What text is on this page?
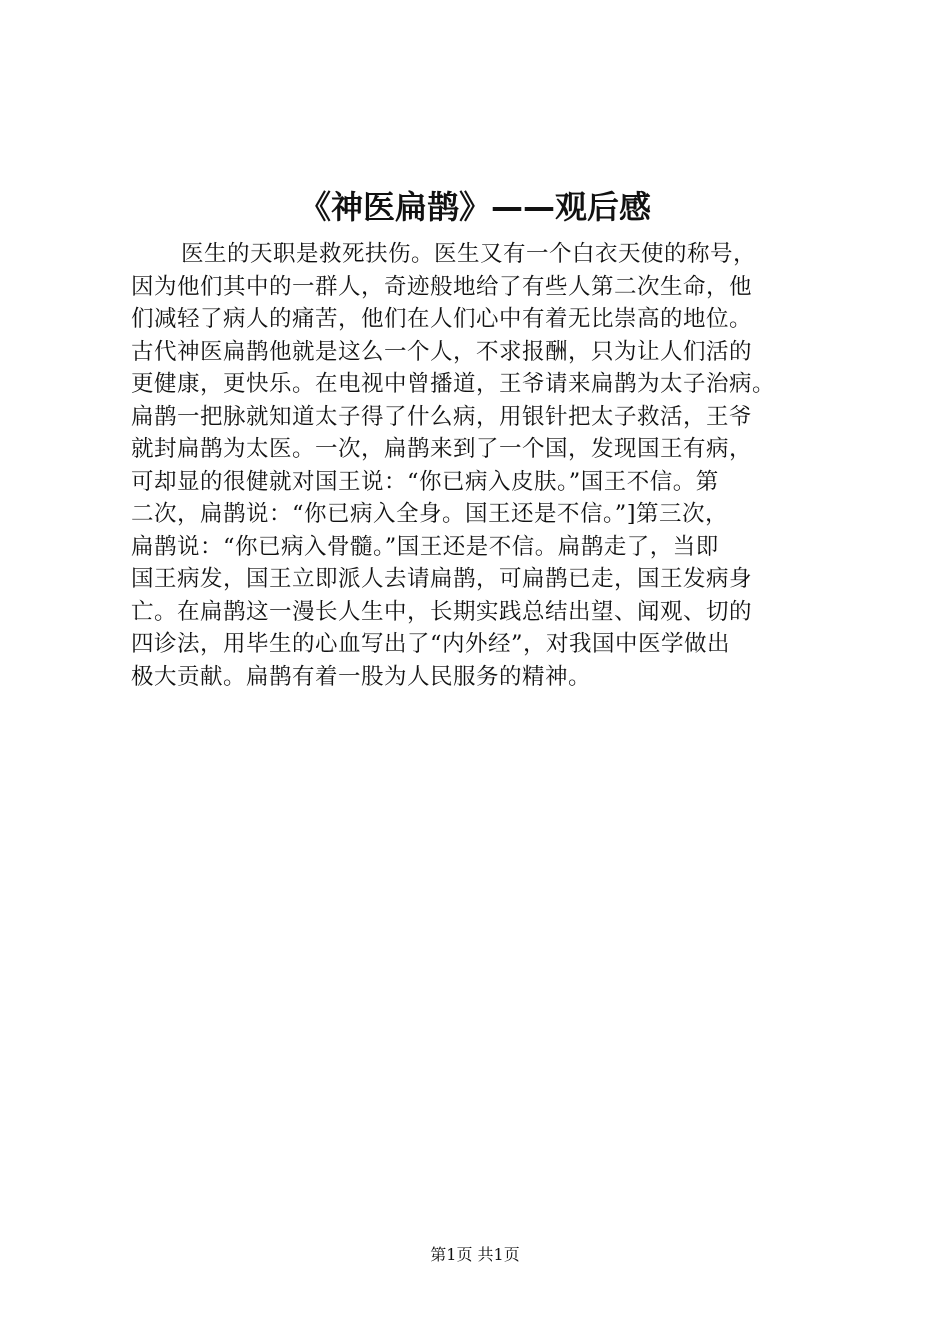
《神医扁鹊》——观后感
医生的天职是救死扶伤。医生又有一个白衣天使的称号，
因为他们其中的一群人，奇迹般地给了有些人第二次生命，他
们减轻了病人的痛苦，他们在人们心中有着无比崇高的地位。
古代神医扁鹊他就是这么一个人，不求报酬，只为让人们活的
更健康，更快乐。在电视中曾播道，王爷请来扁鹊为太子治病。
扁鹊一把脉就知道太子得了什么病，用银针把太子救活，王爷
就封扁鹊为太医。一次，扁鹊来到了一个国，发现国王有病，
可却显的很健就对国王说：“你已病入皮肤。”国王不信。第
二次，扁鹊说：“你已病入全身。国王还是不信。”]第三次，
扁鹊说：“你已病入骨髓。”国王还是不信。扁鹊走了，当即
国王病发，国王立即派人去请扁鹊，可扁鹊已走，国王发病身
亡。在扁鹊这一漫长人生中，长期实践总结出望、闻观、切的
四诊法，用毕生的心血写出了“内外经”，对我国中医学做出
极大贡献。扁鹊有着一股为人民服务的精神。
第1页 共1页
